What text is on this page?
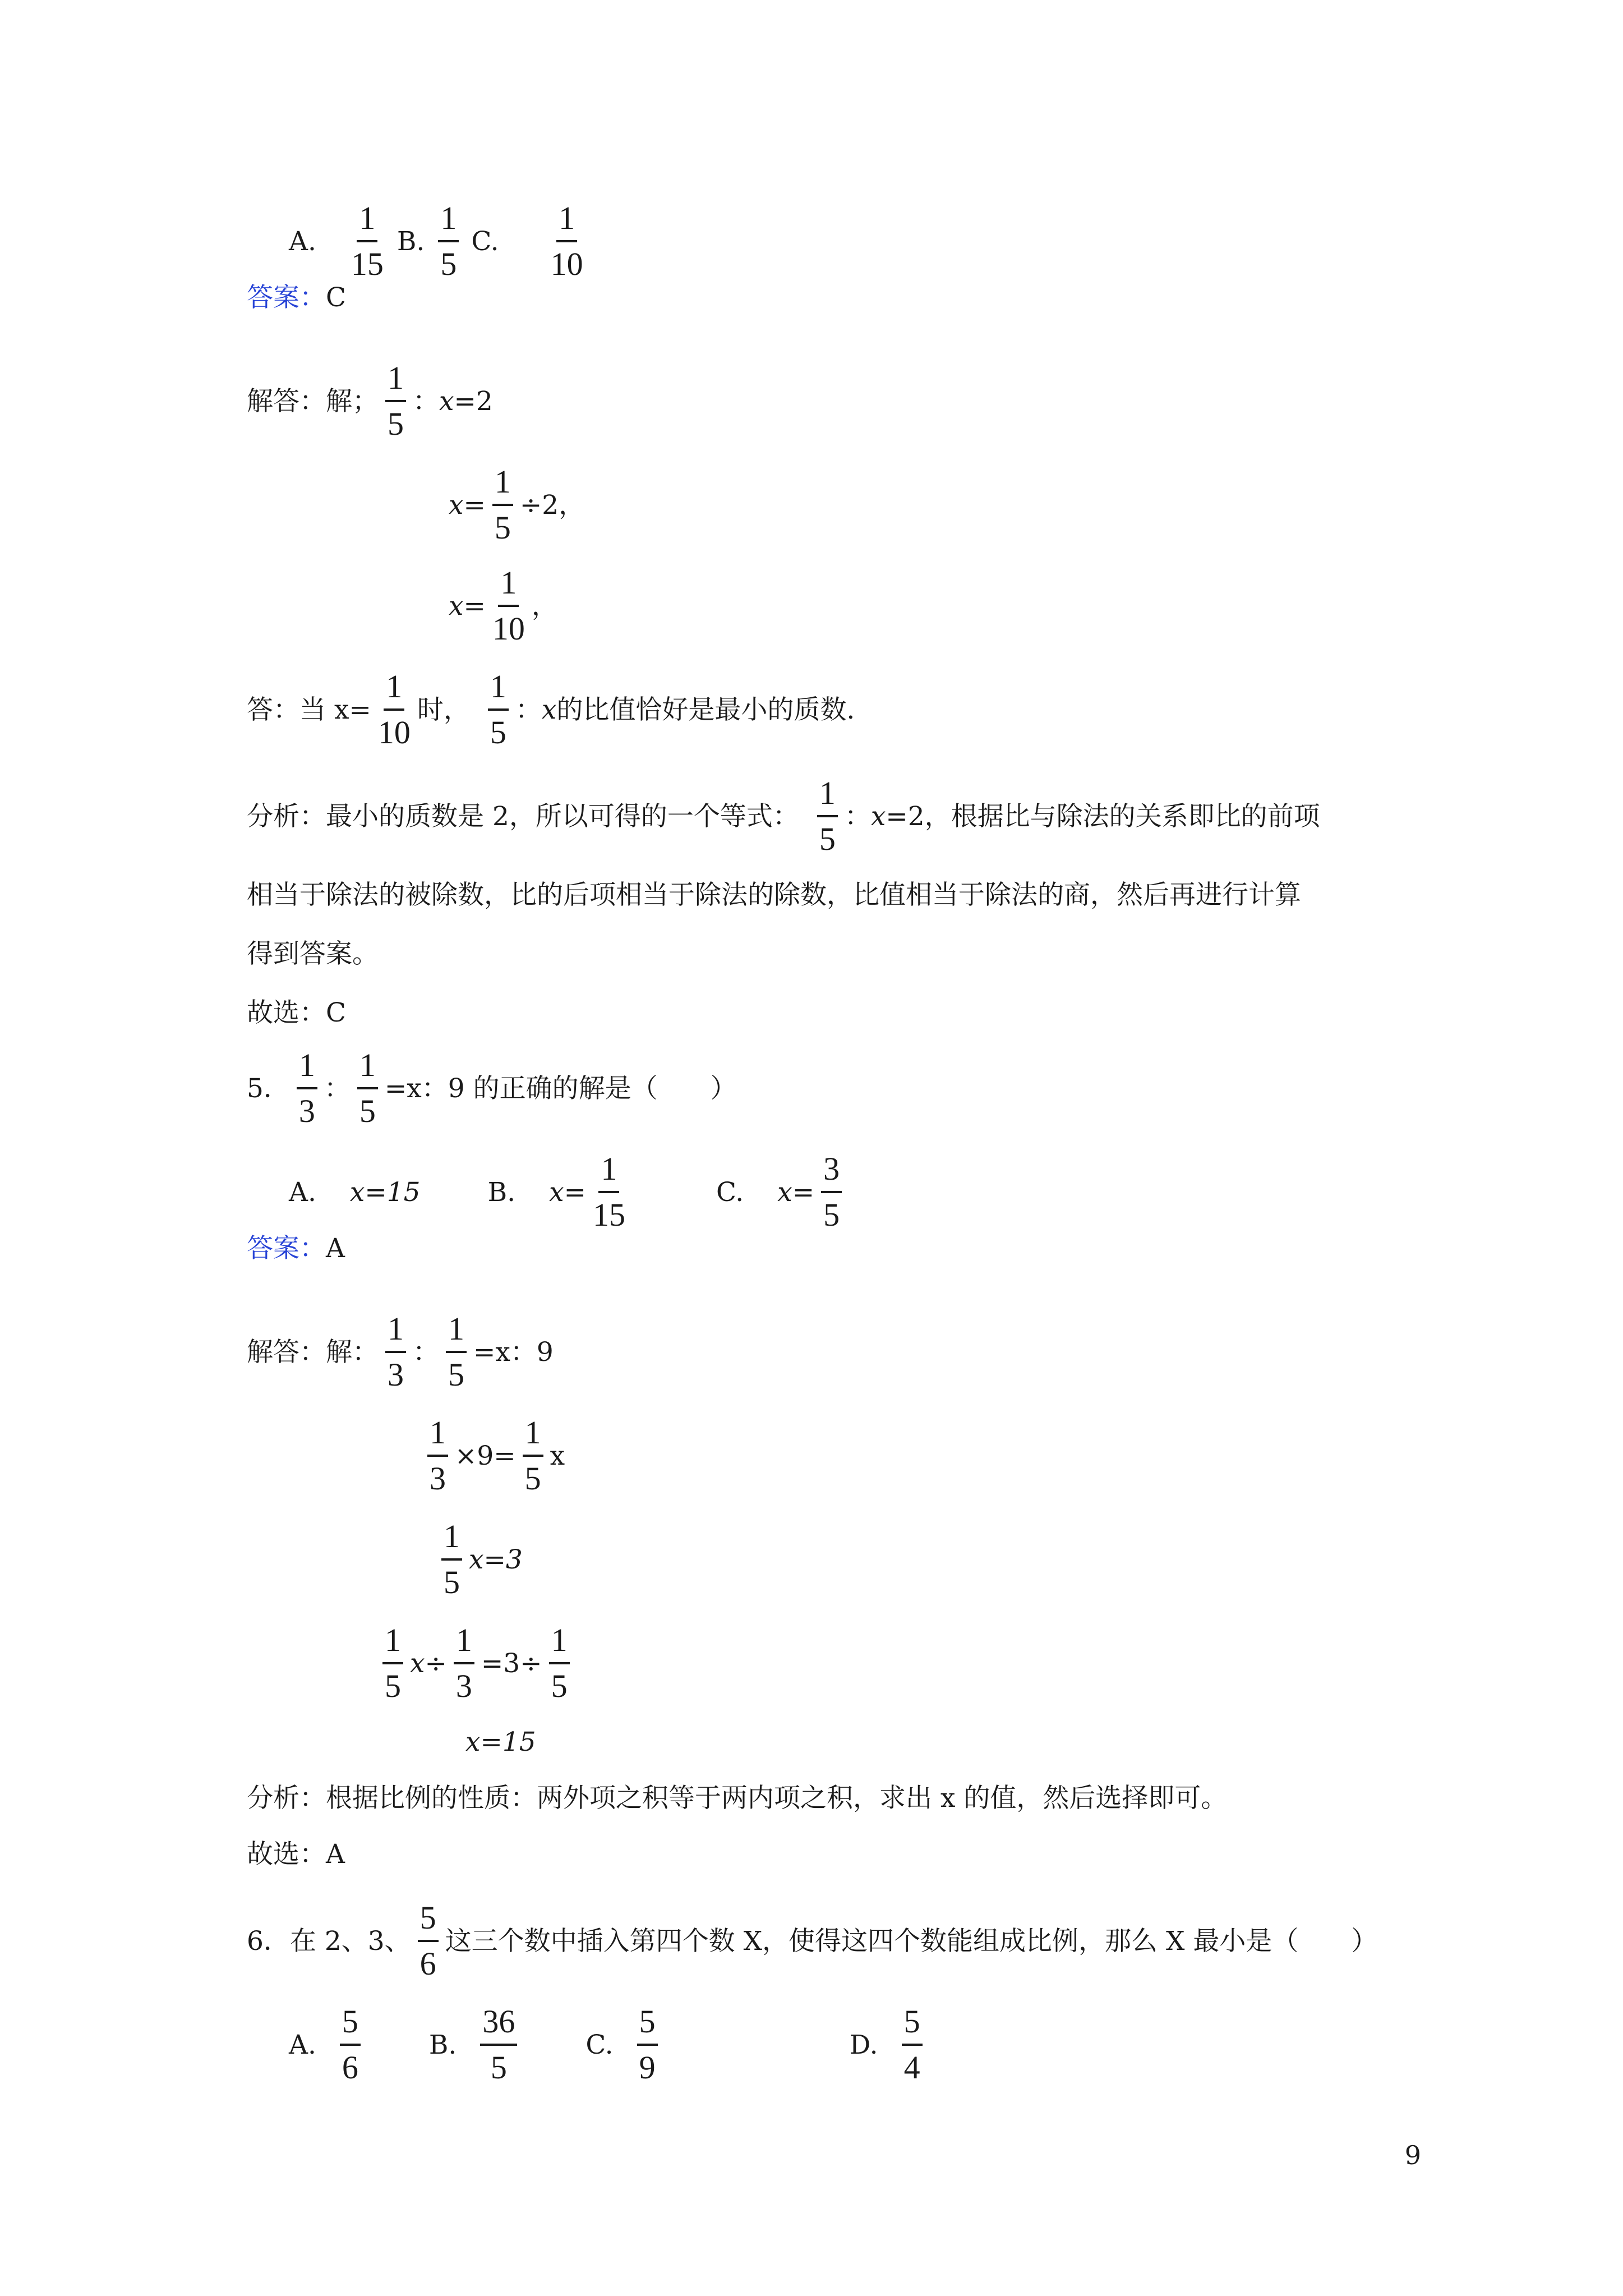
A.
1
15
B.
1
5
C.
1
10
答案： C
解答：解；
1
5
： x =2
$x= \frac{1}{5} \div 2$，
$x= \frac{1}{10}$ ，
答：当 $x= \frac{1}{10}$ 时，
1
5
： x 的比值恰好是最小的质数.
分析：最小的质数是 2，所以可得的一个等式：
1
5
： x =2，根据比与除法的关系即比的前项
相当于除法的被除数，比的后项相当于除法的除数，比值相当于除法的商，然后再进行计算
得到答案。
故选：C
5．
1
3
： $\frac{1}{5} =x$：9 的正确的解是（　　）
A. x=15	B. $x= \frac{1}{15}$	C. $x= \frac{3}{5}$
答案： A
解答：解：
1
3
： $\frac{1}{5} =x$：9
$\frac{1}{3} \times 9= \frac{1}{5}$ x
1
5
x=3
1
5
$x\div \frac{1}{3} =3\div \frac{1}{5}$
x=15
分析：根据比例的性质：两外项之积等于两内项之积，求出 x 的值，然后选择即可。
故选：A
6．在 2、3、
5
6
这三个数中插入第四个数 X，使得这四个数能组成比例，那么 X 最小是（　　）
A.
5
6
B.
36
5
C.
5
9
D.
5
4
9
